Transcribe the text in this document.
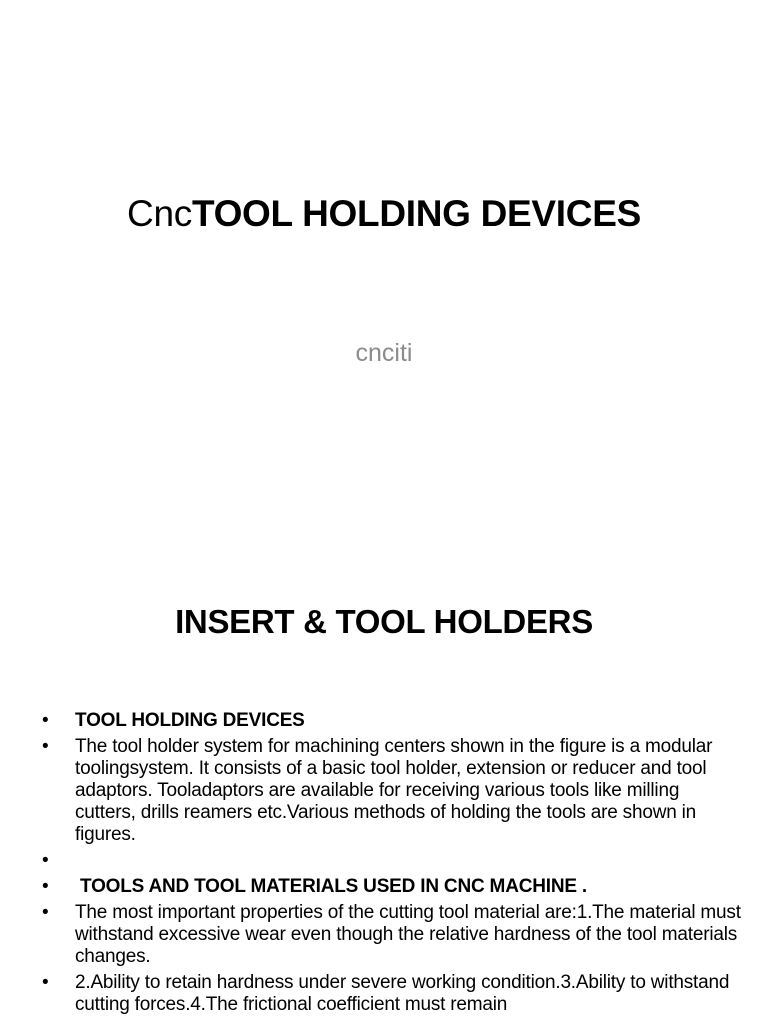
CncTOOL HOLDING DEVICES

cnciti

INSERT & TOOL HOLDERS
•	TOOL HOLDING DEVICES
•	The tool holder system for machining centers shown in the figure is a modular toolingsystem. It consists of a basic tool holder, extension or reducer and tool adaptors. Tooladaptors are available for receiving various tools like milling cutters, drills reamers etc.Various methods of holding the tools are shown in figures.
•
•	TOOLS AND TOOL MATERIALS USED IN CNC MACHINE .
•	The most important properties of the cutting tool material are:1.The material must withstand excessive wear even though the relative hardness of the tool materials changes.
•	2.Ability to retain hardness under severe working condition.3.Ability to withstand cutting forces.4.The frictional coefficient must remain
